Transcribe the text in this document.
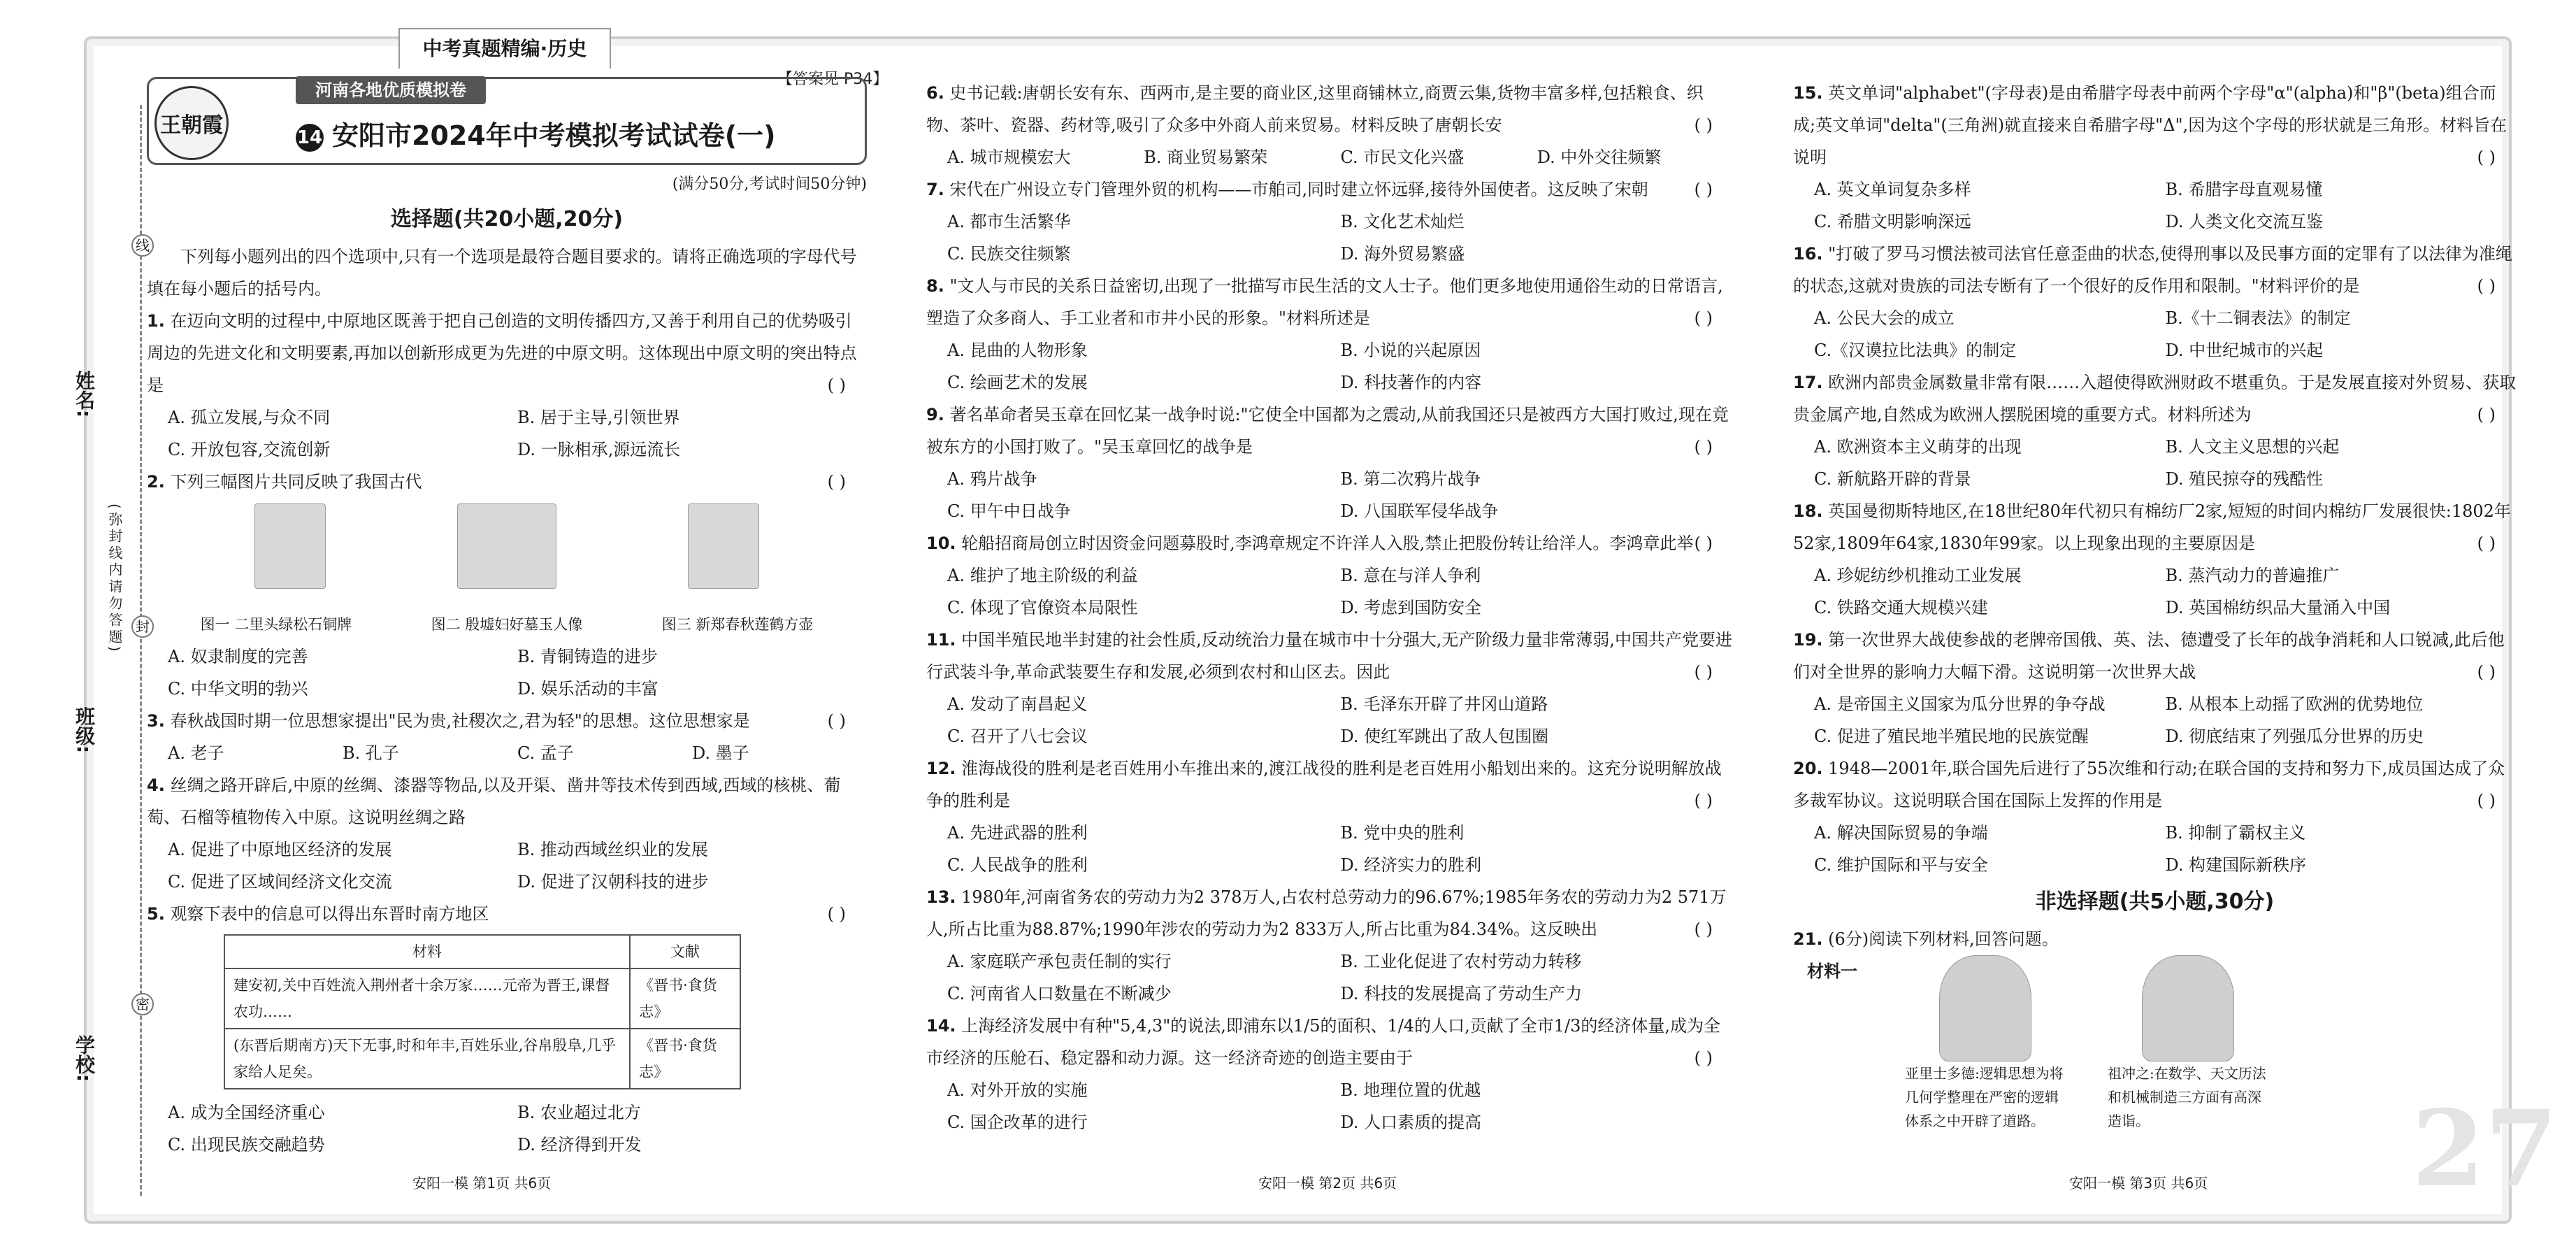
中考真题精编·历史
【答案见 P34】
姓名:
班级:
学校:
(弥封线内请勿答题)
线
封
密
王朝霞
河南各地优质模拟卷
14 安阳市2024年中考模拟考试试卷(一)
(满分50分,考试时间50分钟)
选择题(共20小题,20分)
下列每小题列出的四个选项中,只有一个选项是最符合题目要求的。请将正确选项的字母代号填在每小题后的括号内。

1. 在迈向文明的过程中,中原地区既善于把自己创造的文明传播四方,又善于利用自己的优势吸引周边的先进文化和文明要素,再加以创新形成更为先进的中原文明。这体现出中原文明的突出特点是	( )

A. 孤立发展,与众不同	B. 居于主导,引领世界
C. 开放包容,交流创新	D. 一脉相承,源远流长

2. 下列三幅图片共同反映了我国古代	( )

图一 二里头绿松石铜牌	图二 殷墟妇好墓玉人像	图三 新郑春秋莲鹤方壶
A. 奴隶制度的完善	B. 青铜铸造的进步
C. 中华文明的勃兴	D. 娱乐活动的丰富

3. 春秋战国时期一位思想家提出"民为贵,社稷次之,君为轻"的思想。这位思想家是	( )

A. 老子	B. 孔子	C. 孟子	D. 墨子

4. 丝绸之路开辟后,中原的丝绸、漆器等物品,以及开渠、凿井等技术传到西域,西域的核桃、葡萄、石榴等植物传入中原。这说明丝绸之路

A. 促进了中原地区经济的发展	B. 推动西域丝织业的发展
C. 促进了区域间经济文化交流	D. 促进了汉朝科技的进步

5. 观察下表中的信息可以得出东晋时南方地区	( )

材料	文献
建安初,关中百姓流入荆州者十余万家……元帝为晋王,课督农功……	《晋书·食货志》
(东晋后期南方)天下无事,时和年丰,百姓乐业,谷帛殷阜,几乎家给人足矣。	《晋书·食货志》
A. 成为全国经济重心	B. 农业超过北方
C. 出现民族交融趋势	D. 经济得到开发

6. 史书记载:唐朝长安有东、西两市,是主要的商业区,这里商铺林立,商贾云集,货物丰富多样,包括粮食、织物、茶叶、瓷器、药材等,吸引了众多中外商人前来贸易。材料反映了唐朝长安	( )

A. 城市规模宏大	B. 商业贸易繁荣	C. 市民文化兴盛	D. 中外交往频繁

7. 宋代在广州设立专门管理外贸的机构——市舶司,同时建立怀远驿,接待外国使者。这反映了宋朝	( )

A. 都市生活繁华	B. 文化艺术灿烂
C. 民族交往频繁	D. 海外贸易繁盛

8. "文人与市民的关系日益密切,出现了一批描写市民生活的文人士子。他们更多地使用通俗生动的日常语言,塑造了众多商人、手工业者和市井小民的形象。"材料所述是	( )

A. 昆曲的人物形象	B. 小说的兴起原因
C. 绘画艺术的发展	D. 科技著作的内容

9. 著名革命者吴玉章在回忆某一战争时说:"它使全中国都为之震动,从前我国还只是被西方大国打败过,现在竟被东方的小国打败了。"吴玉章回忆的战争是	( )

A. 鸦片战争	B. 第二次鸦片战争
C. 甲午中日战争	D. 八国联军侵华战争

10. 轮船招商局创立时因资金问题募股时,李鸿章规定不许洋人入股,禁止把股份转让给洋人。李鸿章此举 ( )

A. 维护了地主阶级的利益	B. 意在与洋人争利
C. 体现了官僚资本局限性	D. 考虑到国防安全

11. 中国半殖民地半封建的社会性质,反动统治力量在城市中十分强大,无产阶级力量非常薄弱,中国共产党要进行武装斗争,革命武装要生存和发展,必须到农村和山区去。因此	( )

A. 发动了南昌起义	B. 毛泽东开辟了井冈山道路
C. 召开了八七会议	D. 使红军跳出了敌人包围圈

12. 淮海战役的胜利是老百姓用小车推出来的,渡江战役的胜利是老百姓用小船划出来的。这充分说明解放战争的胜利是	( )

A. 先进武器的胜利	B. 党中央的胜利
C. 人民战争的胜利	D. 经济实力的胜利

13. 1980年,河南省务农的劳动力为2 378万人,占农村总劳动力的96.67%;1985年务农的劳动力为2 571万人,所占比重为88.87%;1990年涉农的劳动力为2 833万人,所占比重为84.34%。这反映出	( )

A. 家庭联产承包责任制的实行	B. 工业化促进了农村劳动力转移
C. 河南省人口数量在不断减少	D. 科技的发展提高了劳动生产力

14. 上海经济发展中有种"5,4,3"的说法,即浦东以1/5的面积、1/4的人口,贡献了全市1/3的经济体量,成为全市经济的压舱石、稳定器和动力源。这一经济奇迹的创造主要由于	( )

A. 对外开放的实施	B. 地理位置的优越
C. 国企改革的进行	D. 人口素质的提高

15. 英文单词"alphabet"(字母表)是由希腊字母表中前两个字母"α"(alpha)和"β"(beta)组合而成;英文单词"delta"(三角洲)就直接来自希腊字母"Δ",因为这个字母的形状就是三角形。材料旨在说明	( )

A. 英文单词复杂多样	B. 希腊字母直观易懂
C. 希腊文明影响深远	D. 人类文化交流互鉴

16. "打破了罗马习惯法被司法官任意歪曲的状态,使得刑事以及民事方面的定罪有了以法律为准绳的状态,这就对贵族的司法专断有了一个很好的反作用和限制。"材料评价的是	( )

A. 公民大会的成立	B.《十二铜表法》的制定
C.《汉谟拉比法典》的制定	D. 中世纪城市的兴起

17. 欧洲内部贵金属数量非常有限……入超使得欧洲财政不堪重负。于是发展直接对外贸易、获取贵金属产地,自然成为欧洲人摆脱困境的重要方式。材料所述为	( )

A. 欧洲资本主义萌芽的出现	B. 人文主义思想的兴起
C. 新航路开辟的背景	D. 殖民掠夺的残酷性

18. 英国曼彻斯特地区,在18世纪80年代初只有棉纺厂2家,短短的时间内棉纺厂发展很快:1802年52家,1809年64家,1830年99家。以上现象出现的主要原因是	( )

A. 珍妮纺纱机推动工业发展	B. 蒸汽动力的普遍推广
C. 铁路交通大规模兴建	D. 英国棉纺织品大量涌入中国

19. 第一次世界大战使参战的老牌帝国俄、英、法、德遭受了长年的战争消耗和人口锐减,此后他们对全世界的影响力大幅下滑。这说明第一次世界大战	( )

A. 是帝国主义国家为瓜分世界的争夺战	B. 从根本上动摇了欧洲的优势地位
C. 促进了殖民地半殖民地的民族觉醒	D. 彻底结束了列强瓜分世界的历史

20. 1948—2001年,联合国先后进行了55次维和行动;在联合国的支持和努力下,成员国达成了众多裁军协议。这说明联合国在国际上发挥的作用是	( )

A. 解决国际贸易的争端	B. 抑制了霸权主义
C. 维护国际和平与安全	D. 构建国际新秩序
非选择题(共5小题,30分)

21. (6分)阅读下列材料,回答问题。

材料一
亚里士多德:逻辑思想为将几何学整理在严密的逻辑体系之中开辟了道路。
祖冲之:在数学、天文历法和机械制造三方面有高深造诣。
安阳一模 第1页 共6页	安阳一模 第2页 共6页	安阳一模 第3页 共6页 27
